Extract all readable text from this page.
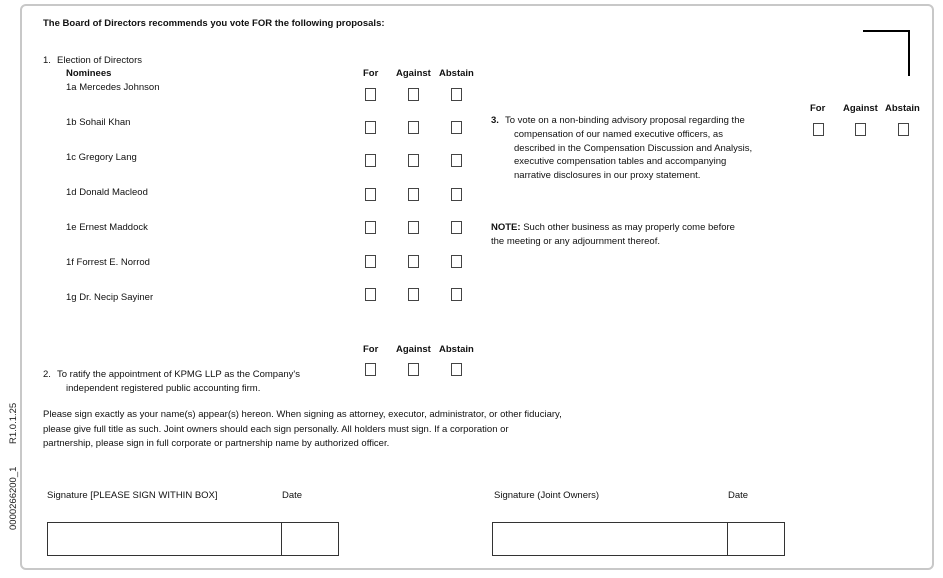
0000266200_1
R1.0.1.25
The Board of Directors recommends you vote FOR the following proposals:
1. Election of Directors
Nominees	For Against Abstain
1a Mercedes Johnson
1b Sohail Khan
1c Gregory Lang
1d Donald Macleod
1e Ernest Maddock
1f Forrest E. Norrod
1g Dr. Necip Sayiner
For Against Abstain
2. To ratify the appointment of KPMG LLP as the Company's
independent registered public accounting firm.
3. To vote on a non-binding advisory proposal regarding the
compensation of our named executive officers, as
described in the Compensation Discussion and Analysis,
executive compensation tables and accompanying
narrative disclosures in our proxy statement.
For Against Abstain
NOTE: Such other business as may properly come before
the meeting or any adjournment thereof.
Please sign exactly as your name(s) appear(s) hereon. When signing as attorney, executor, administrator, or other fiduciary,
please give full title as such. Joint owners should each sign personally. All holders must sign. If a corporation or
partnership, please sign in full corporate or partnership name by authorized officer.
Signature [PLEASE SIGN WITHIN BOX]	Date	Signature (Joint Owners)	Date
